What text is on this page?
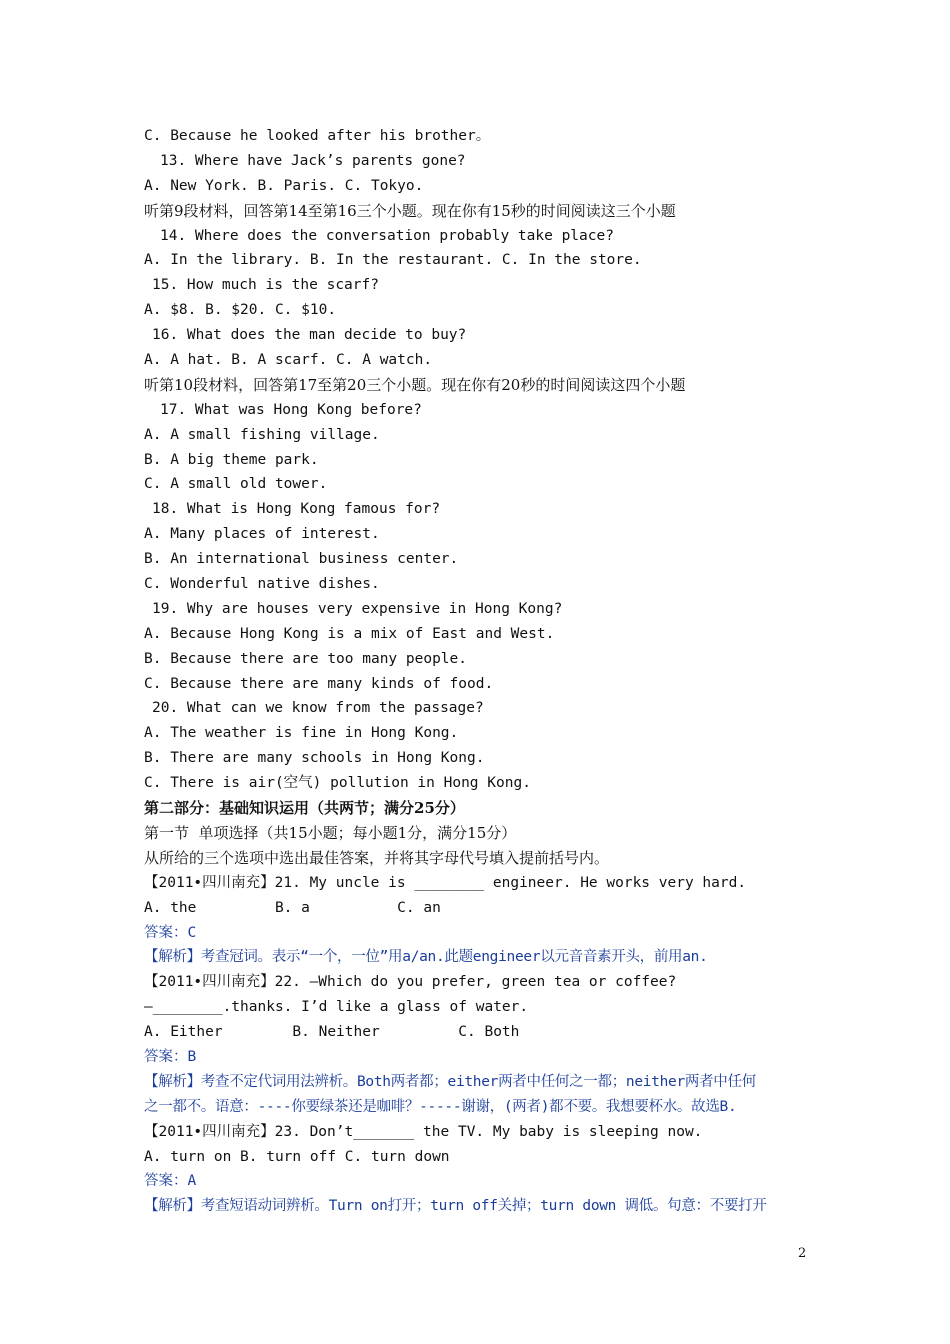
C. Because he looked after his brother。
13. Where have Jack’s parents gone?
A. New York. B. Paris. C. Tokyo.
听第9段材料，回答第14至第16三个小题。现在你有15秒的时间阅读这三个小题
14. Where does the conversation probably take place?
A. In the library. B. In the restaurant. C. In the store.
15. How much is the scarf?
A. $8. B. $20. C. $10.
16. What does the man decide to buy?
A. A hat. B. A scarf. C. A watch.
听第10段材料，回答第17至第20三个小题。现在你有20秒的时间阅读这四个小题
17. What was Hong Kong before?
A. A small fishing village.
B. A big theme park.
C. A small old tower.
18. What is Hong Kong famous for?
A. Many places of interest.
B. An international business center.
C. Wonderful native dishes.
19. Why are houses very expensive in Hong Kong?
A. Because Hong Kong is a mix of East and West.
B. Because there are too many people.
C. Because there are many kinds of food.
20. What can we know from the passage?
A. The weather is fine in Hong Kong.
B. There are many schools in Hong Kong.
C. There is air(空气) pollution in Hong Kong.
第二部分：基础知识运用（共两节；满分25分）
第一节  单项选择（共15小题；每小题1分，满分15分）
从所给的三个选项中选出最佳答案，并将其字母代号填入提前括号内。
【2011•四川南充】21. My uncle is ________ engineer. He works very hard.
A. the         B. a          C. an
答案：C
【解析】考查冠词。表示“一个，一位”用a/an.此题engineer以元音音素开头，前用an.
【2011•四川南充】22. —Which do you prefer, green tea or coffee?
—________.thanks. I’d like a glass of water.
A. Either        B. Neither         C. Both
答案：B
【解析】考查不定代词用法辨析。Both两者都；either两者中任何之一都；neither两者中任何
之一都不。语意：----你要绿茶还是咖啡？-----谢谢，(两者)都不要。我想要杯水。故选B.
【2011•四川南充】23. Don’t_______ the TV. My baby is sleeping now.
A. turn on B. turn off C. turn down
答案：A
【解析】考查短语动词辨析。Turn on打开；turn off关掉；turn down 调低。句意：不要打开
2
